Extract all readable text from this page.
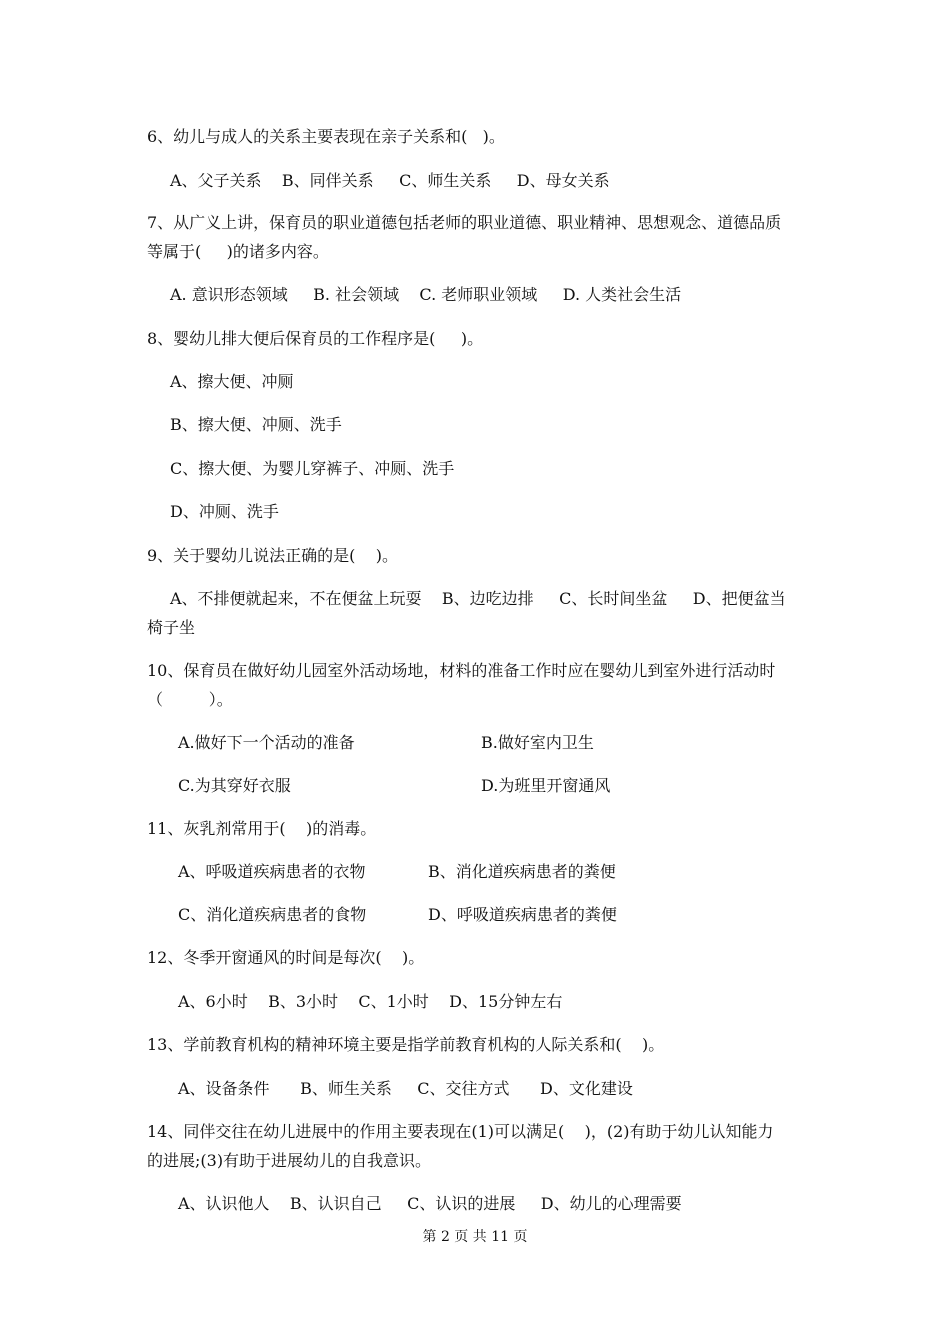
6、幼儿与成人的关系主要表现在亲子关系和(   )。
A、父子关系    B、同伴关系     C、师生关系     D、母女关系
7、从广义上讲，保育员的职业道德包括老师的职业道德、职业精神、思想观念、道德品质
等属于(     )的诸多内容。
A. 意识形态领域     B. 社会领域    C. 老师职业领域     D. 人类社会生活
8、婴幼儿排大便后保育员的工作程序是(     )。
A、擦大便、冲厕
B、擦大便、冲厕、洗手
C、擦大便、为婴儿穿裤子、冲厕、洗手
D、冲厕、洗手
9、关于婴幼儿说法正确的是(    )。
A、不排便就起来，不在便盆上玩耍    B、边吃边排     C、长时间坐盆     D、把便盆当
椅子坐
10、保育员在做好幼儿园室外活动场地，材料的准备工作时应在婴幼儿到室外进行活动时
（         ）。
A.做好下一个活动的准备	B.做好室内卫生
C.为其穿好衣服	D.为班里开窗通风
11、灰乳剂常用于(    )的消毒。
A、呼吸道疾病患者的衣物	B、消化道疾病患者的粪便
C、消化道疾病患者的食物	D、呼吸道疾病患者的粪便
12、冬季开窗通风的时间是每次(    )。
A、6小时    B、3小时    C、1小时    D、15分钟左右
13、学前教育机构的精神环境主要是指学前教育机构的人际关系和(    )。
A、设备条件      B、师生关系     C、交往方式      D、文化建设
14、同伴交往在幼儿进展中的作用主要表现在(1)可以满足(    )，(2)有助于幼儿认知能力
的进展;(3)有助于进展幼儿的自我意识。
A、认识他人    B、认识自己     C、认识的进展     D、幼儿的心理需要
第 2 页 共 11 页
